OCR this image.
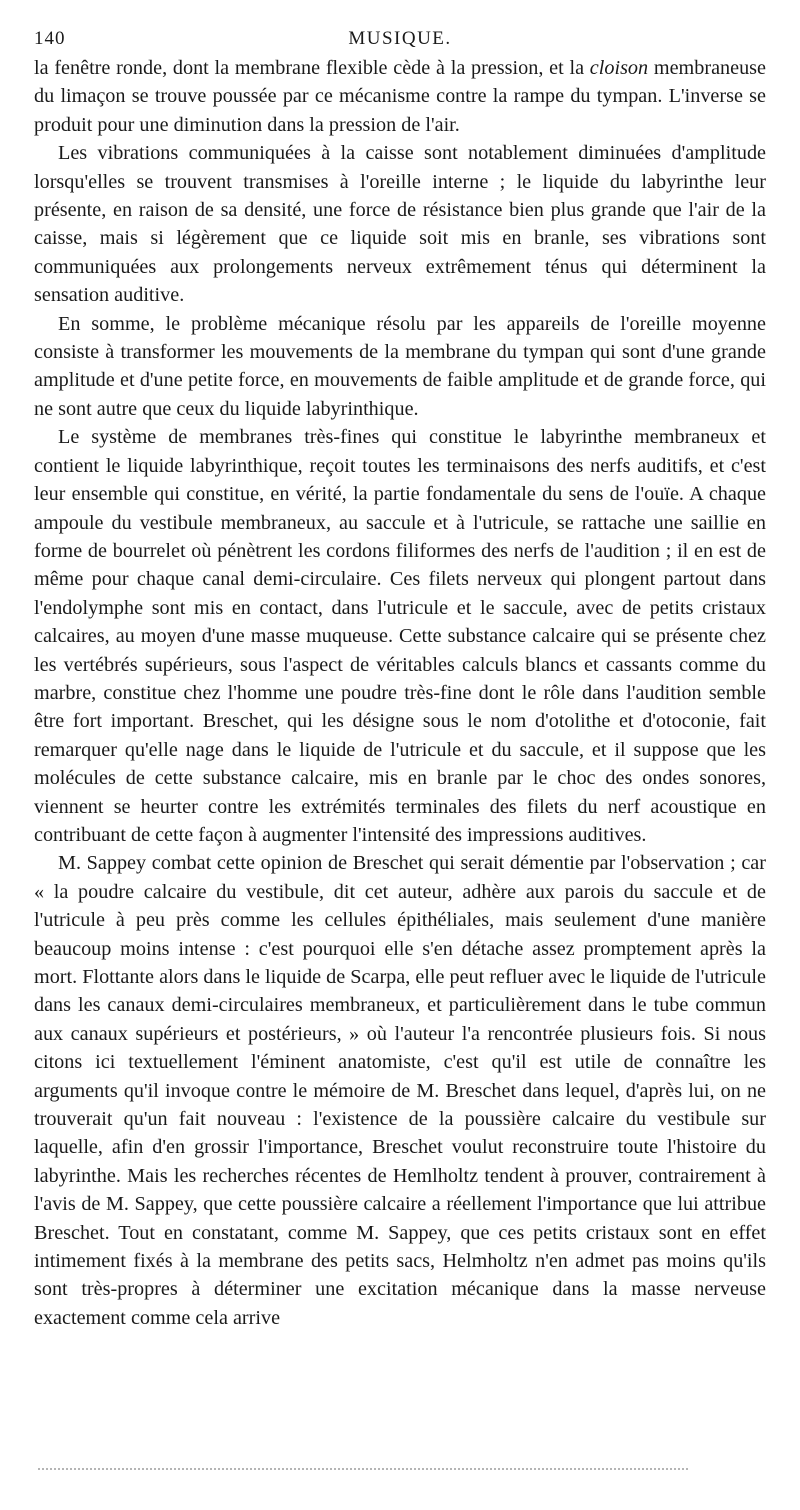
140	MUSIQUE.

la fenêtre ronde, dont la membrane flexible cède à la pression, et la cloison membraneuse du limaçon se trouve poussée par ce mécanisme contre la rampe du tympan. L'inverse se produit pour une diminution dans la pression de l'air.

Les vibrations communiquées à la caisse sont notablement diminuées d'amplitude lorsqu'elles se trouvent transmises à l'oreille interne ; le liquide du labyrinthe leur présente, en raison de sa densité, une force de résistance bien plus grande que l'air de la caisse, mais si légèrement que ce liquide soit mis en branle, ses vibrations sont communiquées aux prolongements nerveux extrêmement ténus qui déterminent la sensation auditive.

En somme, le problème mécanique résolu par les appareils de l'oreille moyenne consiste à transformer les mouvements de la membrane du tympan qui sont d'une grande amplitude et d'une petite force, en mouvements de faible amplitude et de grande force, qui ne sont autre que ceux du liquide labyrinthique.

Le système de membranes très-fines qui constitue le labyrinthe membraneux et contient le liquide labyrinthique, reçoit toutes les terminaisons des nerfs auditifs, et c'est leur ensemble qui constitue, en vérité, la partie fondamentale du sens de l'ouïe. A chaque ampoule du vestibule membraneux, au saccule et à l'utricule, se rattache une saillie en forme de bourrelet où pénètrent les cordons filiformes des nerfs de l'audition ; il en est de même pour chaque canal demi-circulaire. Ces filets nerveux qui plongent partout dans l'endolymphe sont mis en contact, dans l'utricule et le saccule, avec de petits cristaux calcaires, au moyen d'une masse muqueuse. Cette substance calcaire qui se présente chez les vertébrés supérieurs, sous l'aspect de véritables calculs blancs et cassants comme du marbre, constitue chez l'homme une poudre très-fine dont le rôle dans l'audition semble être fort important. Breschet, qui les désigne sous le nom d'otolithe et d'otoconie, fait remarquer qu'elle nage dans le liquide de l'utricule et du saccule, et il suppose que les molécules de cette substance calcaire, mis en branle par le choc des ondes sonores, viennent se heurter contre les extrémités terminales des filets du nerf acoustique en contribuant de cette façon à augmenter l'intensité des impressions auditives.

M. Sappey combat cette opinion de Breschet qui serait démentie par l'observation ; car « la poudre calcaire du vestibule, dit cet auteur, adhère aux parois du saccule et de l'utricule à peu près comme les cellules épithéliales, mais seulement d'une manière beaucoup moins intense : c'est pourquoi elle s'en détache assez promptement après la mort. Flottante alors dans le liquide de Scarpa, elle peut refluer avec le liquide de l'utricule dans les canaux demi-circulaires membraneux, et particulièrement dans le tube commun aux canaux supérieurs et postérieurs, » où l'auteur l'a rencontrée plusieurs fois. Si nous citons ici textuellement l'éminent anatomiste, c'est qu'il est utile de connaître les arguments qu'il invoque contre le mémoire de M. Breschet dans lequel, d'après lui, on ne trouverait qu'un fait nouveau : l'existence de la poussière calcaire du vestibule sur laquelle, afin d'en grossir l'importance, Breschet voulut reconstruire toute l'histoire du labyrinthe. Mais les recherches récentes de Hemlholtz tendent à prouver, contrairement à l'avis de M. Sappey, que cette poussière calcaire a réellement l'importance que lui attribue Breschet. Tout en constatant, comme M. Sappey, que ces petits cristaux sont en effet intimement fixés à la membrane des petits sacs, Helmholtz n'en admet pas moins qu'ils sont très-propres à déterminer une excitation mécanique dans la masse nerveuse exactement comme cela arrive
